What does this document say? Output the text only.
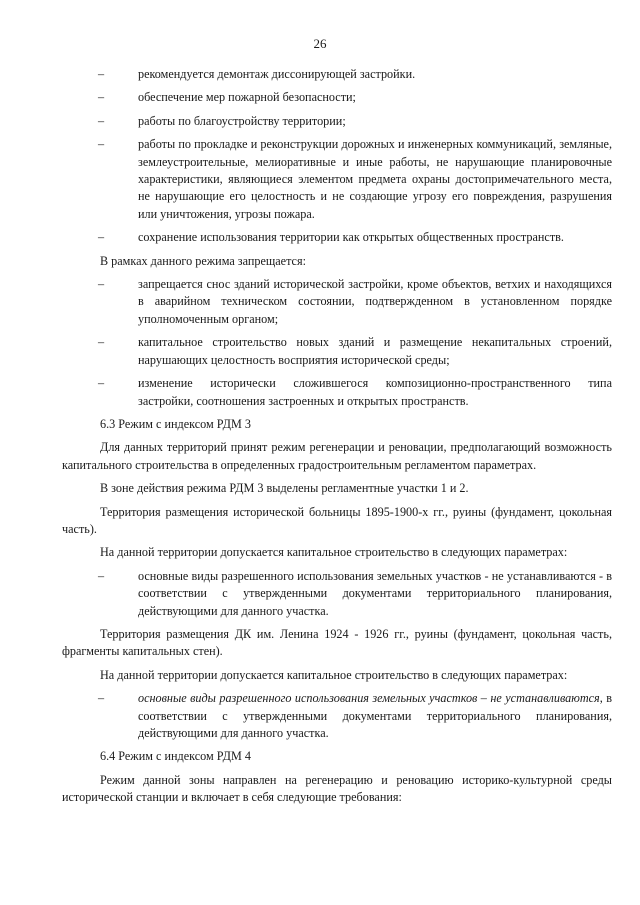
26
–	рекомендуется демонтаж диссонирующей застройки.
–	обеспечение мер пожарной безопасности;
–	работы по благоустройству территории;
–	работы по прокладке и реконструкции дорожных и инженерных коммуникаций, земляные, землеустроительные, мелиоративные и иные работы, не нарушающие планировочные характеристики, являющиеся элементом предмета охраны достопримечательного места, не нарушающие его целостность и не создающие угрозу его повреждения, разрушения или уничтожения, угрозы пожара.
–	сохранение использования территории как открытых общественных пространств.

В рамках данного режима запрещается:

–	запрещается снос зданий исторической застройки, кроме объектов, ветхих и находящихся в аварийном техническом состоянии, подтвержденном в установленном порядке уполномоченным органом;
–	капитальное строительство новых зданий и размещение некапитальных строений, нарушающих целостность восприятия исторической среды;
–	изменение исторически сложившегося композиционно-пространственного типа застройки, соотношения застроенных и открытых пространств.

6.3 Режим с индексом РДМ 3

Для данных территорий принят режим регенерации и реновации, предполагающий возможность капитального строительства в определенных градостроительным регламентом параметрах.

В зоне действия режима РДМ 3 выделены регламентные участки 1 и 2.

Территория размещения исторической больницы 1895-1900-х гг., руины (фундамент, цокольная часть).

На данной территории допускается капитальное строительство в следующих параметрах:

–	основные виды разрешенного использования земельных участков - не устанавливаются - в соответствии с утвержденными документами территориального планирования, действующими для данного участка.

Территория размещения ДК им. Ленина 1924 - 1926 гг., руины (фундамент, цокольная часть, фрагменты капитальных стен).

На данной территории допускается капитальное строительство в следующих параметрах:

–	основные виды разрешенного использования земельных участков – не устанавливаются, в соответствии с утвержденными документами территориального планирования, действующими для данного участка.

6.4 Режим с индексом РДМ 4

Режим данной зоны направлен на регенерацию и реновацию историко-культурной среды исторической станции и включает в себя следующие требования:
